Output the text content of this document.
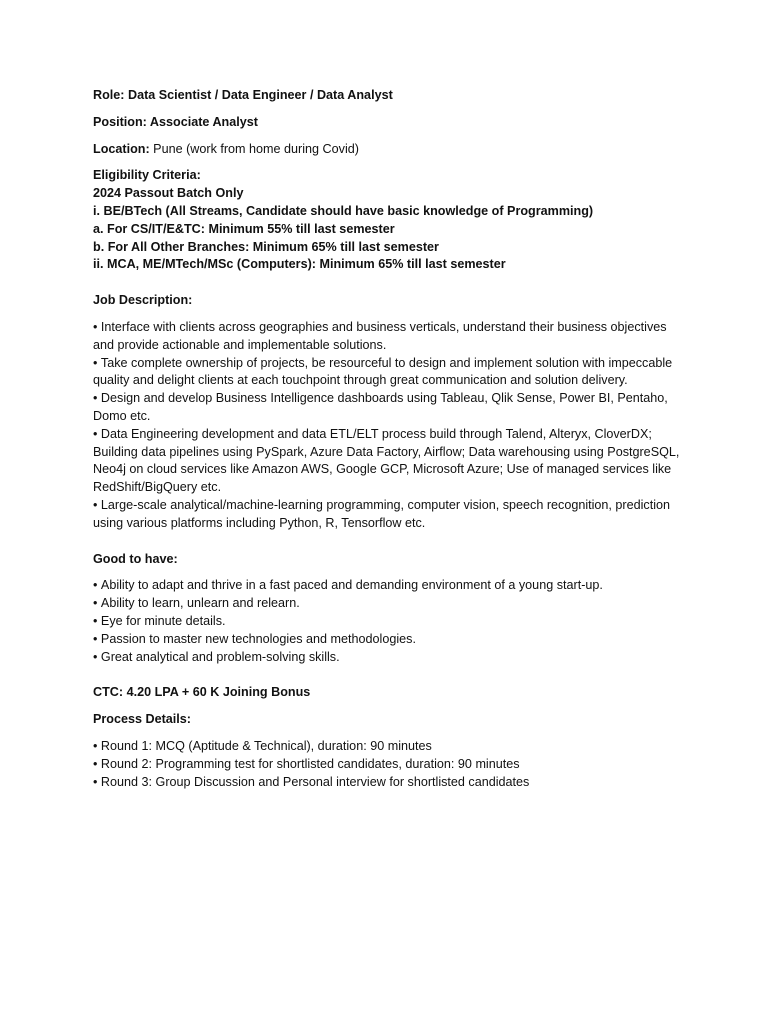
Role: Data Scientist / Data Engineer / Data Analyst

Position: Associate Analyst

Location: Pune (work from home during Covid)

Eligibility Criteria:

2024 Passout Batch Only

i. BE/BTech (All Streams, Candidate should have basic knowledge of Programming)

a. For CS/IT/E&TC: Minimum 55% till last semester

b. For All Other Branches: Minimum 65% till last semester

ii. MCA, ME/MTech/MSc (Computers): Minimum 65% till last semester

Job Description:

• Interface with clients across geographies and business verticals, understand their business objectives and provide actionable and implementable solutions.

• Take complete ownership of projects, be resourceful to design and implement solution with impeccable quality and delight clients at each touchpoint through great communication and solution delivery.

• Design and develop Business Intelligence dashboards using Tableau, Qlik Sense, Power BI, Pentaho, Domo etc.

• Data Engineering development and data ETL/ELT process build through Talend, Alteryx, CloverDX; Building data pipelines using PySpark, Azure Data Factory, Airflow; Data warehousing using PostgreSQL, Neo4j on cloud services like Amazon AWS, Google GCP, Microsoft Azure; Use of managed services like RedShift/BigQuery etc.

• Large-scale analytical/machine-learning programming, computer vision, speech recognition, prediction using various platforms including Python, R, Tensorflow etc.

Good to have:

• Ability to adapt and thrive in a fast paced and demanding environment of a young start-up.

• Ability to learn, unlearn and relearn.

• Eye for minute details.

• Passion to master new technologies and methodologies.

• Great analytical and problem-solving skills.

CTC: 4.20 LPA + 60 K Joining Bonus

Process Details:

• Round 1: MCQ (Aptitude & Technical), duration: 90 minutes

• Round 2: Programming test for shortlisted candidates, duration: 90 minutes

• Round 3: Group Discussion and Personal interview for shortlisted candidates
